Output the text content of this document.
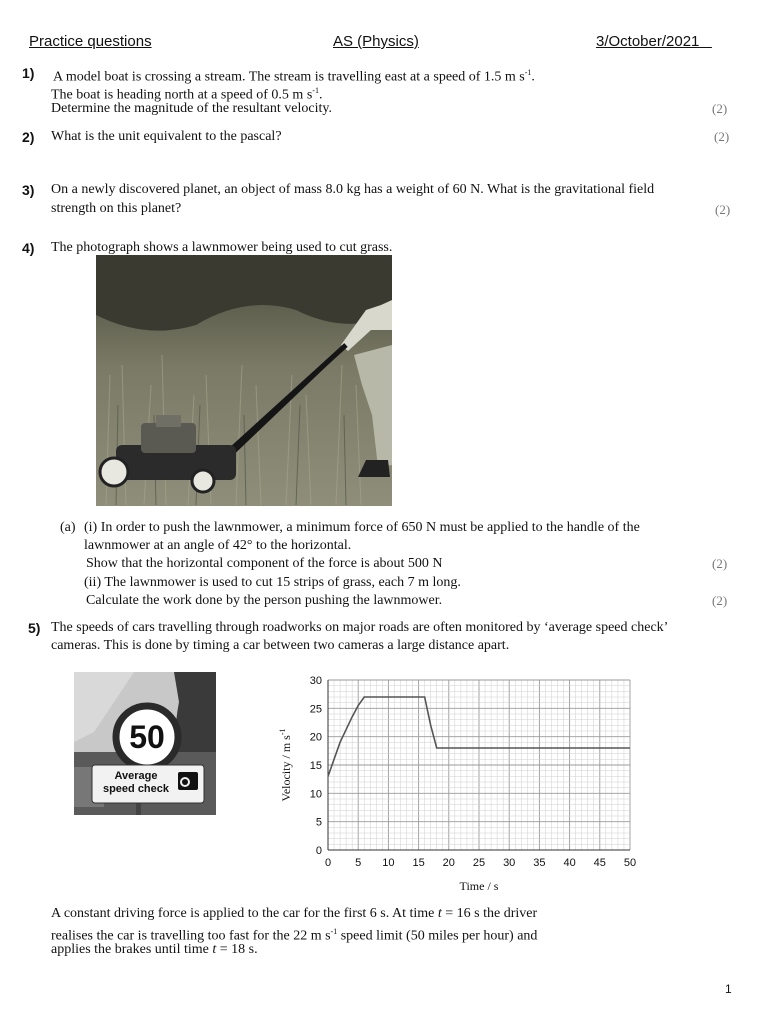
Practice questions	AS (Physics)	3/October/2021
1) A model boat is crossing a stream. The stream is travelling east at a speed of 1.5 m $s^{-1}$.
The boat is heading north at a speed of 0.5 m $s^{-1}$.
Determine the magnitude of the resultant velocity.	(2)
2) What is the unit equivalent to the pascal?	(2)
3) On a newly discovered planet, an object of mass 8.0 kg has a weight of 60 N. What is the gravitational field
strength on this planet?	(2)
4) The photograph shows a lawnmower being used to cut grass.
(a) (i) In order to push the lawnmower, a minimum force of 650 N must be applied to the handle of the
lawnmower at an angle of 42° to the horizontal.
Show that the horizontal component of the force is about 500 N	(2)
(ii) The lawnmower is used to cut 15 strips of grass, each 7 m long.
Calculate the work done by the person pushing the lawnmower.	(2)
5) The speeds of cars travelling through roadworks on major roads are often monitored by ‘average speed check’
cameras. This is done by timing a car between two cameras a large distance apart.
50
Average
speed check
0 5 10 15 20 25 30 35 40 45 50
0
5
10
15
20
25
30
Time / s
Velocity / m $s^{-1}$
A constant driving force is applied to the car for the first 6 s. At time t = 16 s the driver
realises the car is travelling too fast for the 22 m $s^{-1}$ speed limit (50 miles per hour) and
applies the brakes until time t = 18 s.
1
